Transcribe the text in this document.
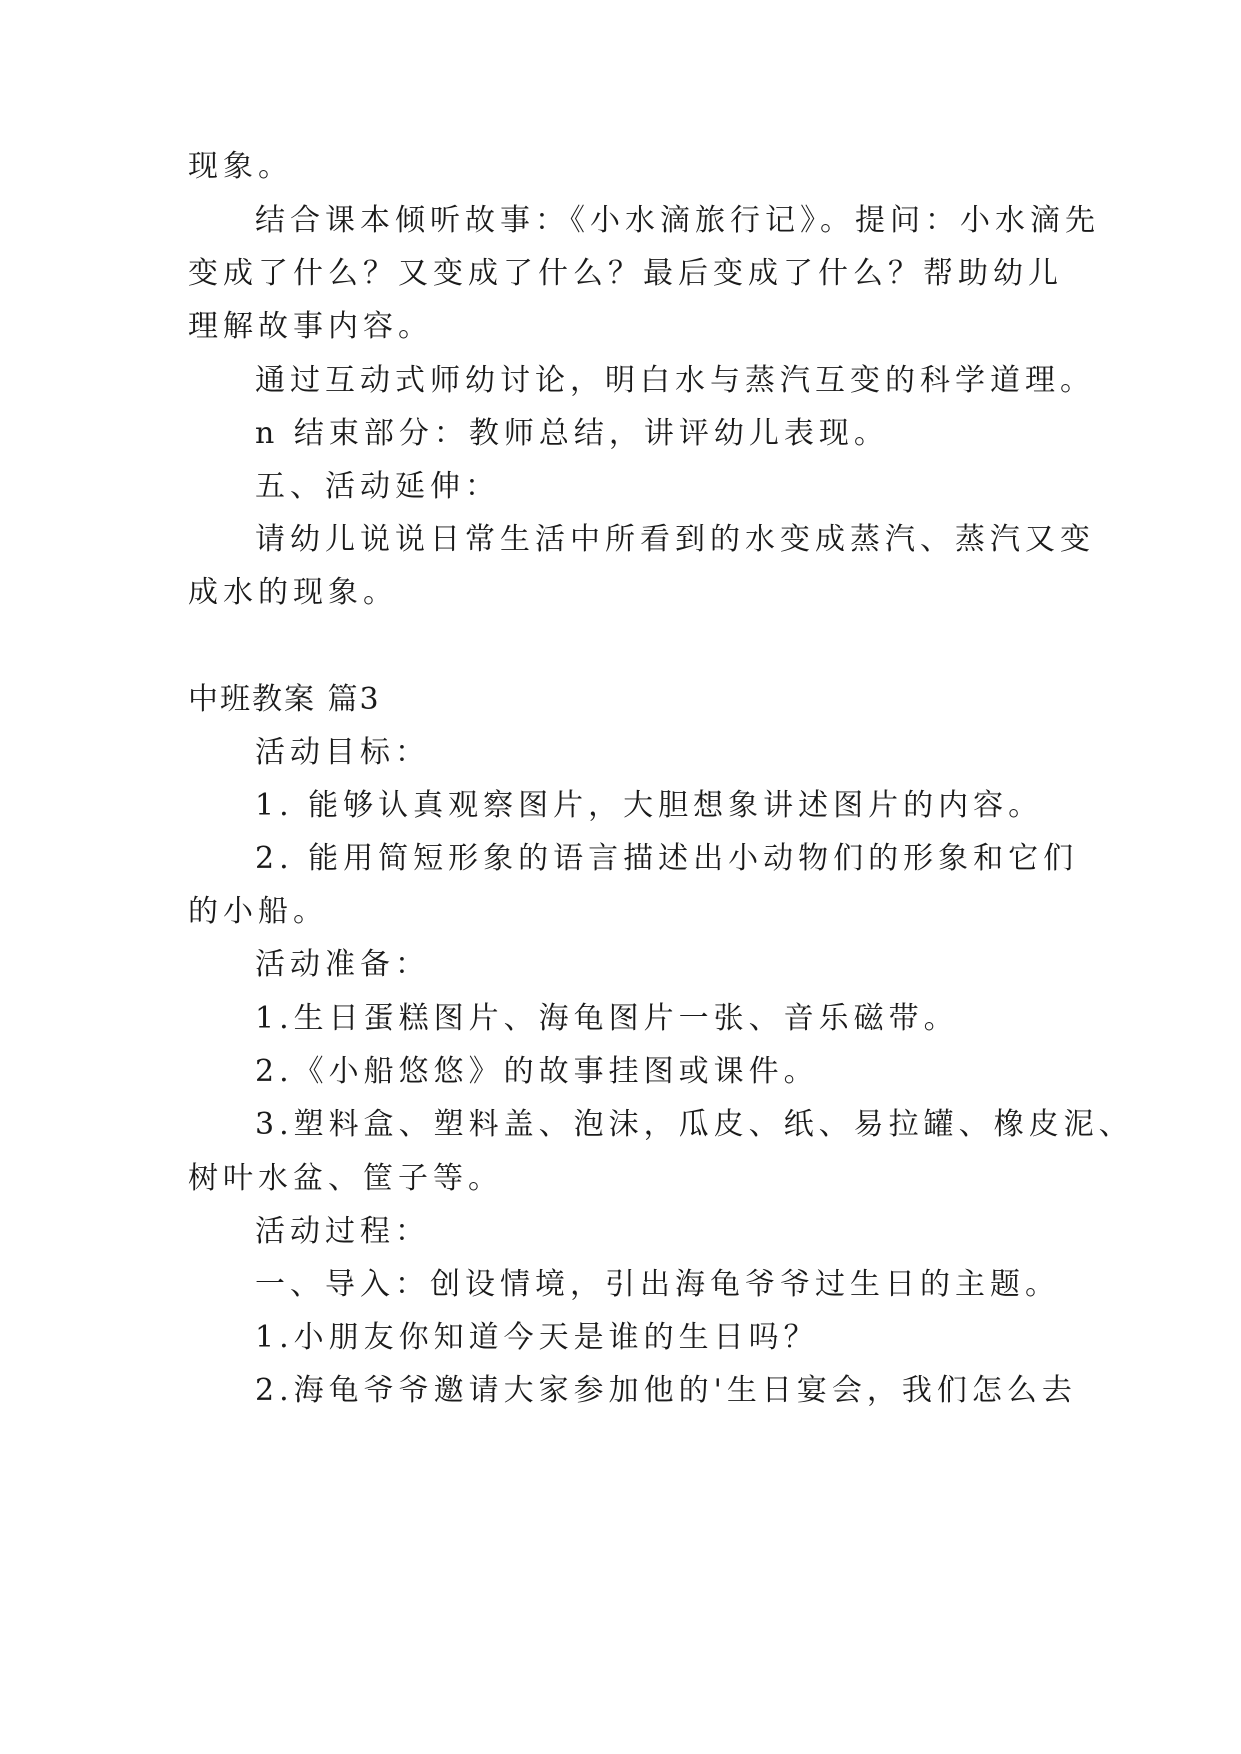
现象。
结合课本倾听故事：《小水滴旅行记》。提问：小水滴先
变成了什么？又变成了什么？最后变成了什么？帮助幼儿
理解故事内容。
通过互动式师幼讨论，明白水与蒸汽互变的科学道理。
n 结束部分：教师总结，讲评幼儿表现。
五、活动延伸：
请幼儿说说日常生活中所看到的水变成蒸汽、蒸汽又变
成水的现象。
中班教案 篇3
活动目标：
1. 能够认真观察图片，大胆想象讲述图片的内容。
2. 能用简短形象的语言描述出小动物们的形象和它们
的小船。
活动准备：
1.生日蛋糕图片、海龟图片一张、音乐磁带。
2.《小船悠悠》的故事挂图或课件。
3.塑料盒、塑料盖、泡沫，瓜皮、纸、易拉罐、橡皮泥、
树叶水盆、筐子等。
活动过程：
一、导入：创设情境，引出海龟爷爷过生日的主题。
1.小朋友你知道今天是谁的生日吗？
2.海龟爷爷邀请大家参加他的'生日宴会，我们怎么去
